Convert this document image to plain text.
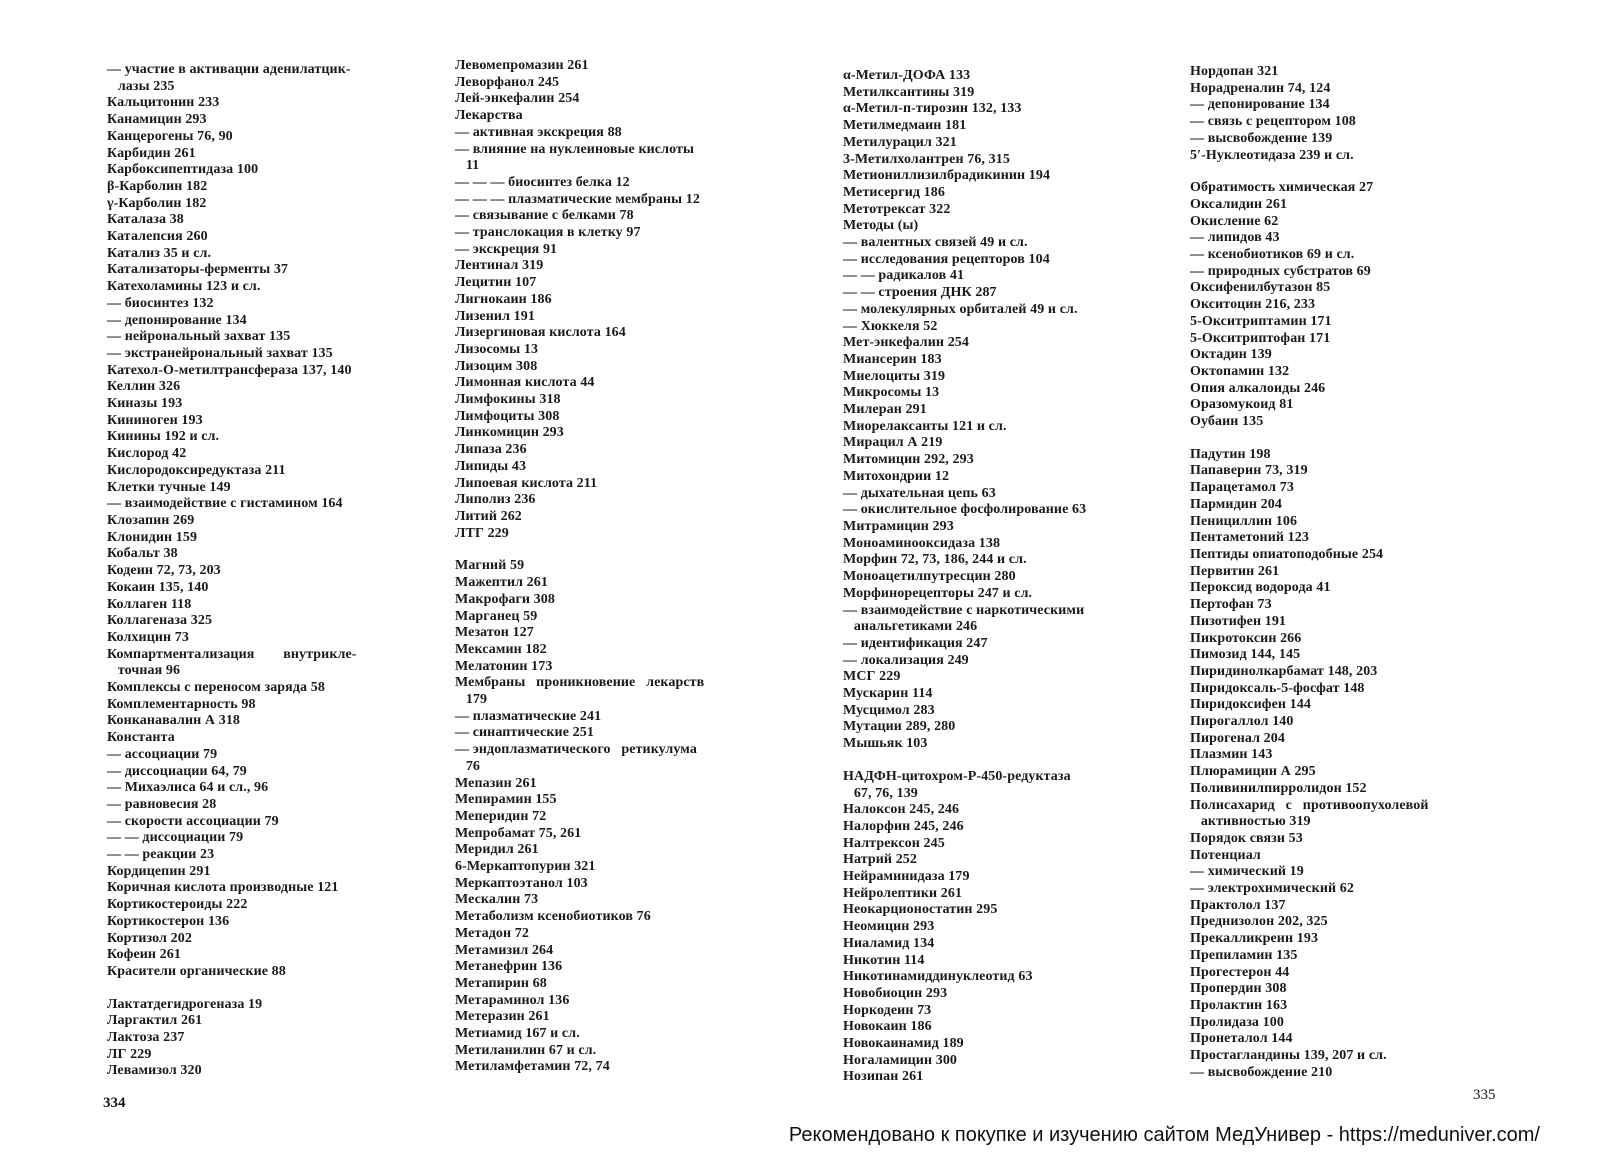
— участие в активации аденилатцик-
лазы 235
Кальцитонин 233
Канамицин 293
Канцерогены 76, 90
Карбидин 261
Карбоксипептидаза 100
β-Карболин 182
γ-Карболин 182
Каталаза 38
Каталепсия 260
Катализ 35 и сл.
Катализаторы-ферменты 37
Катехоламины 123 и сл.
— биосинтез 132
— депонирование 134
— нейрональный захват 135
— экстранейрональный захват 135
Катехол-О-метилтрансфераза 137, 140
Келлин 326
Киназы 193
Кининоген 193
Кинины 192 и сл.
Кислород 42
Кислородоксиредуктаза 211
Клетки тучные 149
— взаимодействие с гистамином 164
Клозапин 269
Клонидин 159
Кобальт 38
Кодеин 72, 73, 203
Кокаин 135, 140
Коллаген 118
Коллагеназа 325
Колхицин 73
Компартментализация        внутрикле-
точная 96
Комплексы с переносом заряда 58
Комплементарность 98
Конканавалин А 318
Константа
— ассоциации 79
— диссоциации 64, 79
— Михаэлиса 64 и сл., 96
— равновесия 28
— скорости ассоциации 79
— — диссоциации 79
— — реакции 23
Кордицепин 291
Коричная кислота производные 121
Кортикостероиды 222
Кортикостерон 136
Кортизол 202
Кофеин 261
Красители органические 88
Лактатдегидрогеназа 19
Ларгактил 261
Лактоза 237
ЛГ 229
Левамизол 320
Левомепромазин 261
Леворфанол 245
Лей-энкефалин 254
Лекарства
— активная экскреция 88
— влияние на нуклеиновые кислоты
11
— — — биосинтез белка 12
— — — плазматические мембраны 12
— связывание с белками 78
— транслокация в клетку 97
— экскреция 91
Лентинал 319
Лецитин 107
Лигнокаин 186
Лизенил 191
Лизергиновая кислота 164
Лизосомы 13
Лизоцим 308
Лимонная кислота 44
Лимфокины 318
Лимфоциты 308
Линкомицин 293
Липаза 236
Липиды 43
Липоевая кислота 211
Липолиз 236
Литий 262
ЛТГ 229
Магний 59
Мажептил 261
Макрофаги 308
Марганец 59
Мезатон 127
Мексамин 182
Мелатонин 173
Мембраны   проникновение   лекарств
179
— плазматические 241
— синаптические 251
— эндоплазматического   ретикулума
76
Мепазин 261
Мепирамин 155
Меперидин 72
Мепробамат 75, 261
Меридил 261
6-Меркаптопурин 321
Меркаптоэтанол 103
Мескалин 73
Метаболизм ксенобиотиков 76
Метадон 72
Метамизил 264
Метанефрин 136
Метапирин 68
Метараминол 136
Метеразин 261
Метиамид 167 и сл.
Метиланилин 67 и сл.
Метиламфетамин 72, 74
α-Метил-ДОФА 133
Метилксантины 319
α-Метил-п-тирозин 132, 133
Метилмедмаин 181
Метилурацил 321
3-Метилхолантрен 76, 315
Метиониллизилбрадикинин 194
Метисергид 186
Метотрексат 322
Методы (ы)
— валентных связей 49 и сл.
— исследования рецепторов 104
— — радикалов 41
— — строения ДНК 287
— молекулярных орбиталей 49 и сл.
— Хюккеля 52
Мет-энкефалин 254
Миансерин 183
Миелоциты 319
Микросомы 13
Милеран 291
Миорелаксанты 121 и сл.
Мирацил А 219
Митомицин 292, 293
Митохондрии 12
— дыхательная цепь 63
— окислительное фосфолирование 63
Митрамицин 293
Моноаминооксидаза 138
Морфин 72, 73, 186, 244 и сл.
Моноацетилпутресцин 280
Морфинорецепторы 247 и сл.
— взаимодействие с наркотическими
анальгетиками 246
— идентификация 247
— локализация 249
МСГ 229
Мускарин 114
Мусцимол 283
Мутации 289, 280
Мышьяк 103
НАДФН-цитохром-Р-450-редуктаза
67, 76, 139
Налоксон 245, 246
Налорфин 245, 246
Налтрексон 245
Натрий 252
Нейраминидаза 179
Нейролептики 261
Неокарционостатин 295
Неомицин 293
Ниаламид 134
Никотин 114
Никотинамиддинуклеотид 63
Новобиоцин 293
Норкодеин 73
Новокаин 186
Новокаинамид 189
Ногаламицин 300
Нозипан 261
Нордопан 321
Норадреналин 74, 124
— депонирование 134
— связь с рецептором 108
— высвобождение 139
5′-Нуклеотидаза 239 и сл.
Обратимость химическая 27
Оксалидин 261
Окисление 62
— липидов 43
— ксенобиотиков 69 и сл.
— природных субстратов 69
Оксифенилбутазон 85
Окситоцин 216, 233
5-Окситриптамин 171
5-Окситриптофан 171
Октадин 139
Октопамин 132
Опия алкалоиды 246
Оразомукоид 81
Оубаин 135
Падутин 198
Папаверин 73, 319
Парацетамол 73
Пармидин 204
Пенициллин 106
Пентаметоний 123
Пептиды опиатоподобные 254
Первитин 261
Пероксид водорода 41
Пертофан 73
Пизотифен 191
Пикротоксин 266
Пимозид 144, 145
Пиридинолкарбамат 148, 203
Пиридоксаль-5-фосфат 148
Пиридоксифен 144
Пирогаллол 140
Пирогенал 204
Плазмин 143
Плюрамицин А 295
Поливинилпирролидон 152
Полисахарид   с   противоопухолевой
активностью 319
Порядок связи 53
Потенциал
— химический 19
— электрохимический 62
Практолол 137
Преднизолон 202, 325
Прекалликреин 193
Препиламин 135
Прогестерон 44
Пропердин 308
Пролактин 163
Пролидаза 100
Пронеталол 144
Простагландины 139, 207 и сл.
— высвобождение 210
334	335
Рекомендовано к покупке и изучению сайтом МедУнивер - https://meduniver.com/
